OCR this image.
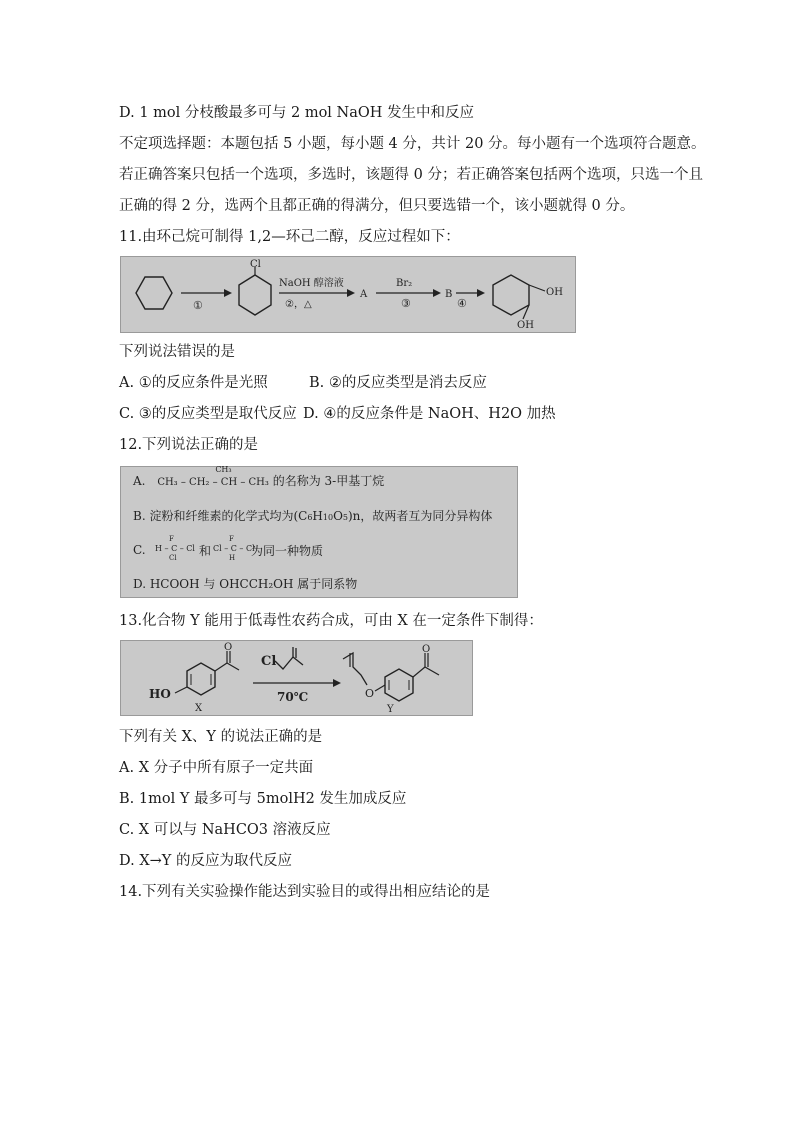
D. 1 mol 分枝酸最多可与 2 mol NaOH 发生中和反应
不定项选择题：本题包括 5 小题，每小题 4 分，共计 20 分。每小题有一个选项符合题意。
若正确答案只包括一个选项，多选时，该题得 0 分；若正确答案包括两个选项，只选一个且
正确的得 2 分，选两个且都正确的得满分，但只要选错一个，该小题就得 0 分。
11.由环己烷可制得 1,2—环己二醇，反应过程如下：
①
Cl
NaOH 醇溶液
②，△
A
Br₂
③
B
④
OH
OH
下列说法错误的是
A. ①的反应条件是光照	B. ②的反应类型是消去反应
C. ③的反应类型是取代反应 D. ④的反应条件是 NaOH、H2O 加热
12.下列说法正确的是
A.
CH₃
CH₃ – CH₂ – CH – CH₃ 的名称为 3-甲基丁烷
B. 淀粉和纤维素的化学式均为(C6H10O5)n，故两者互为同分异构体
C.
F
H – C – Cl
Cl 和
F
Cl – C – Cl
H 为同一种物质
D. HCOOH 与 OHCCH₂OH 属于同系物
13.化合物 Y 能用于低毒性农药合成，可由 X 在一定条件下制得：
HO
O
X
Cl
70℃	O
O
Y
下列有关 X、Y 的说法正确的是
A. X 分子中所有原子一定共面
B. 1mol Y 最多可与 5molH2 发生加成反应
C. X 可以与 NaHCO3 溶液反应
D. X→Y 的反应为取代反应
14.下列有关实验操作能达到实验目的或得出相应结论的是
